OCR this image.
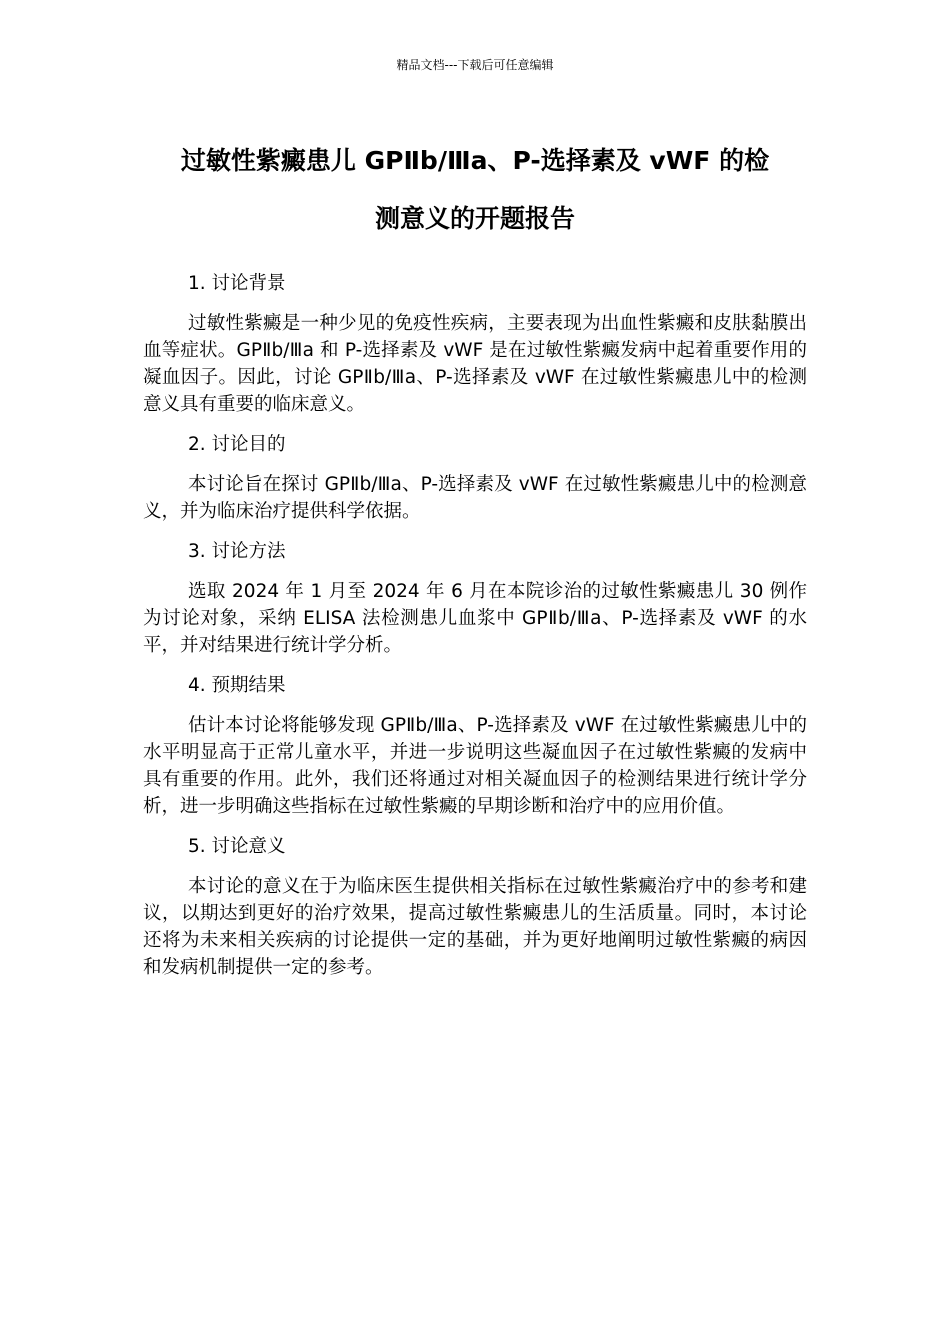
精品文档---下载后可任意编辑
过敏性紫癜患儿 GPⅡb/Ⅲa、P-选择素及 vWF 的检
测意义的开题报告

1. 讨论背景

过敏性紫癜是一种少见的免疫性疾病，主要表现为出血性紫癜和皮肤黏膜出血等症状。GPⅡb/Ⅲa 和 P-选择素及 vWF 是在过敏性紫癜发病中起着重要作用的凝血因子。因此，讨论 GPⅡb/Ⅲa、P-选择素及 vWF 在过敏性紫癜患儿中的检测意义具有重要的临床意义。

2. 讨论目的

本讨论旨在探讨 GPⅡb/Ⅲa、P-选择素及 vWF 在过敏性紫癜患儿中的检测意义，并为临床治疗提供科学依据。

3. 讨论方法

选取 2024 年 1 月至 2024 年 6 月在本院诊治的过敏性紫癜患儿 30 例作为讨论对象，采纳 ELISA 法检测患儿血浆中 GPⅡb/Ⅲa、P-选择素及 vWF 的水平，并对结果进行统计学分析。

4. 预期结果

估计本讨论将能够发现 GPⅡb/Ⅲa、P-选择素及 vWF 在过敏性紫癜患儿中的水平明显高于正常儿童水平，并进一步说明这些凝血因子在过敏性紫癜的发病中具有重要的作用。此外，我们还将通过对相关凝血因子的检测结果进行统计学分析，进一步明确这些指标在过敏性紫癜的早期诊断和治疗中的应用价值。

5. 讨论意义

本讨论的意义在于为临床医生提供相关指标在过敏性紫癜治疗中的参考和建议，以期达到更好的治疗效果，提高过敏性紫癜患儿的生活质量。同时，本讨论还将为未来相关疾病的讨论提供一定的基础，并为更好地阐明过敏性紫癜的病因和发病机制提供一定的参考。
